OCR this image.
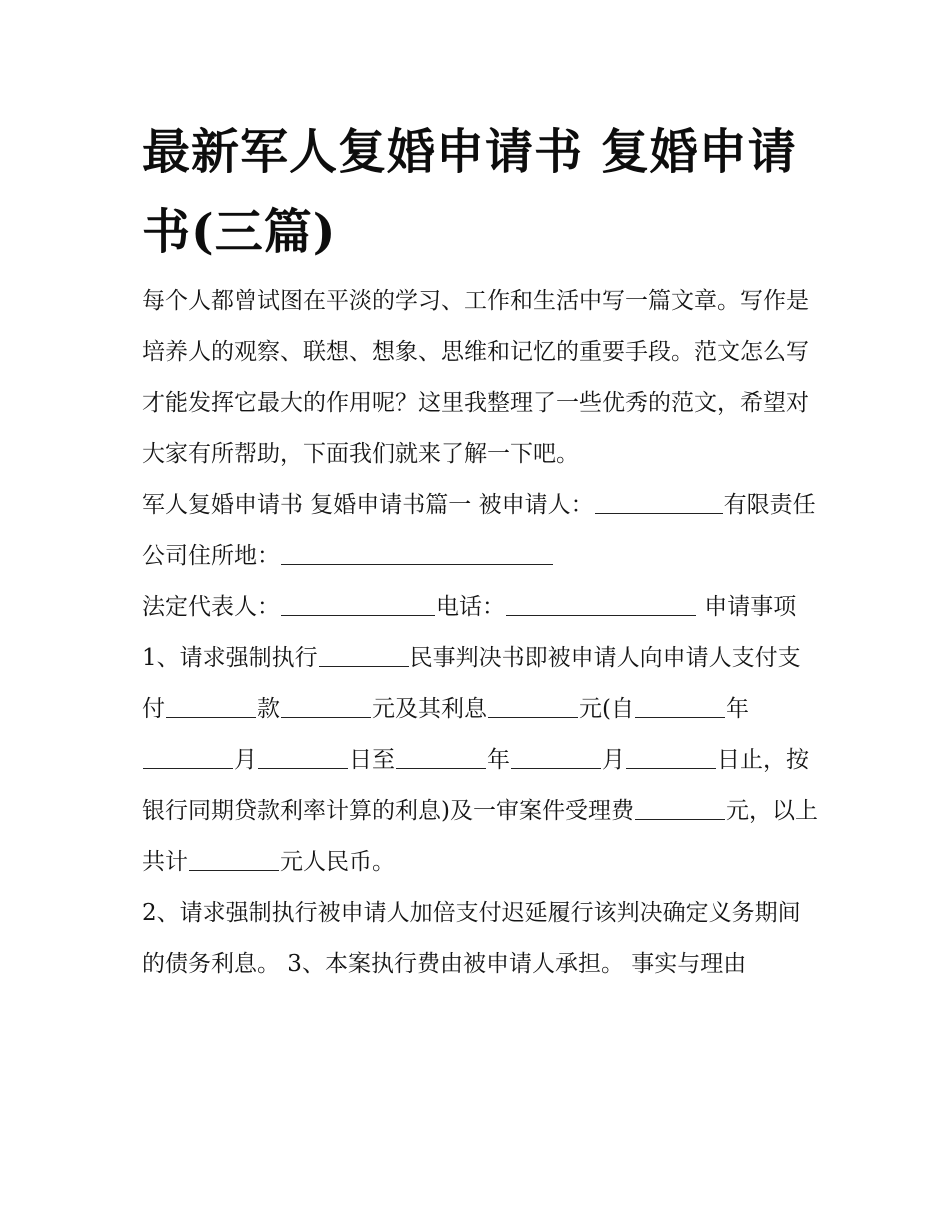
最新军人复婚申请书 复婚申请书(三篇)

每个人都曾试图在平淡的学习、工作和生活中写一篇文章。写作是培养人的观察、联想、想象、思维和记忆的重要手段。范文怎么写才能发挥它最大的作用呢？这里我整理了一些优秀的范文，希望对大家有所帮助，下面我们就来了解一下吧。

军人复婚申请书 复婚申请书篇一 被申请人：	有限责任公司住所地：

法定代表人：	电话：	申请事项

1、请求强制执行	民事判决书即被申请人向申请人支付支付	款	元及其利息	元(自	年月	日至	年	月	日止，按银行同期贷款利率计算的利息)及一审案件受理费	元，以上共计	元人民币。

2、请求强制执行被申请人加倍支付迟延履行该判决确定义务期间的债务利息。 3、本案执行费由被申请人承担。 事实与理由
